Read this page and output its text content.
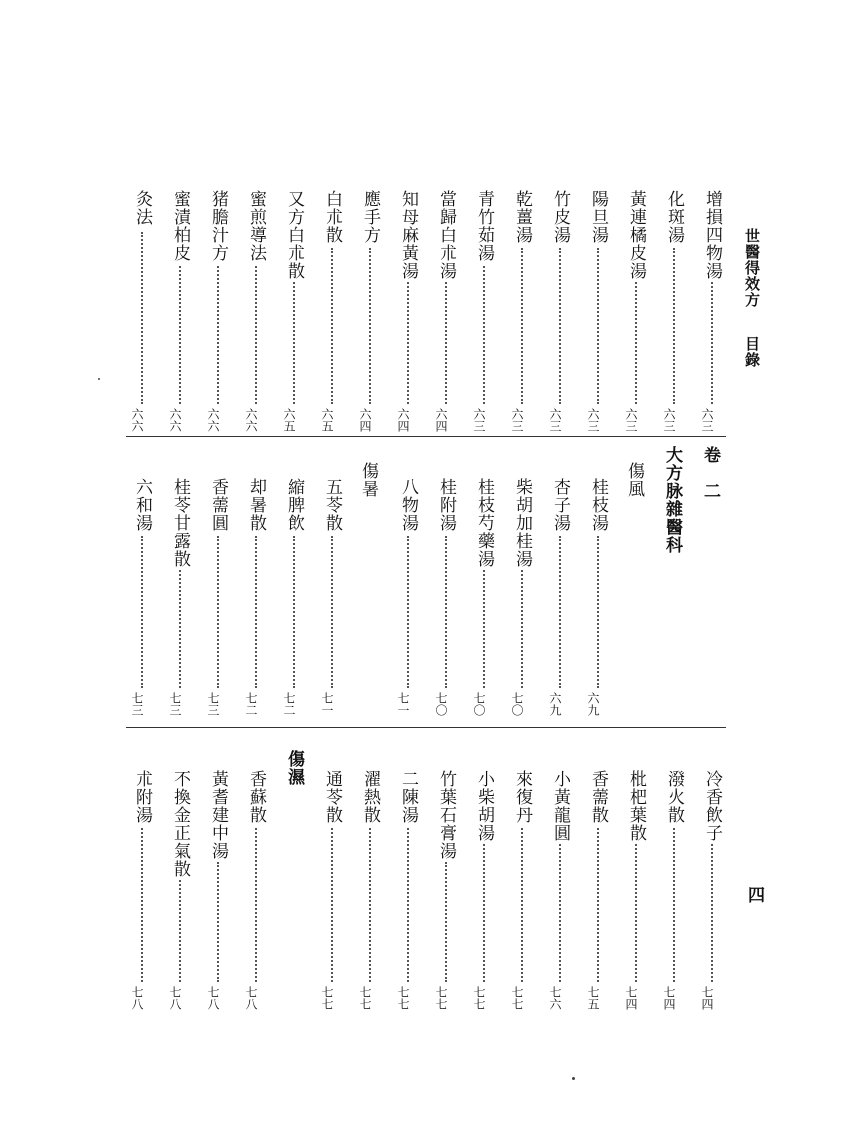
世醫得效方目錄
四
增損四物湯
六三
化斑湯
六三
黃連橘皮湯
六三
陽旦湯
六三
竹皮湯
六三
乾薑湯
六三
青竹茹湯
六三
當歸白朮湯
六四
知母麻黃湯
六四
應手方
六四
白朮散
六五
又方白朮散
六五
蜜煎導法
六六
猪膽汁方
六六
蜜漬柏皮
六六
灸法
六六
卷　二
大方脉雜醫科
傷風
桂枝湯
六九
杏子湯
六九
柴胡加桂湯
七〇
桂枝芍藥湯
七〇
桂附湯
七〇
八物湯
七一
傷暑
五苓散
七一
縮脾飲
七二
却暑散
七二
香薷圓
七三
桂苓甘露散
七三
六和湯
七三
冷香飲子
七四
潑火散
七四
枇杷葉散
七四
香薷散
七五
小黃龍圓
七六
來復丹
七七
小柴胡湯
七七
竹葉石膏湯
七七
二陳湯
七七
濯熱散
七七
通苓散
七七
傷濕
香蘇散
七八
黃耆建中湯
七八
不換金正氣散
七八
朮附湯
七八
